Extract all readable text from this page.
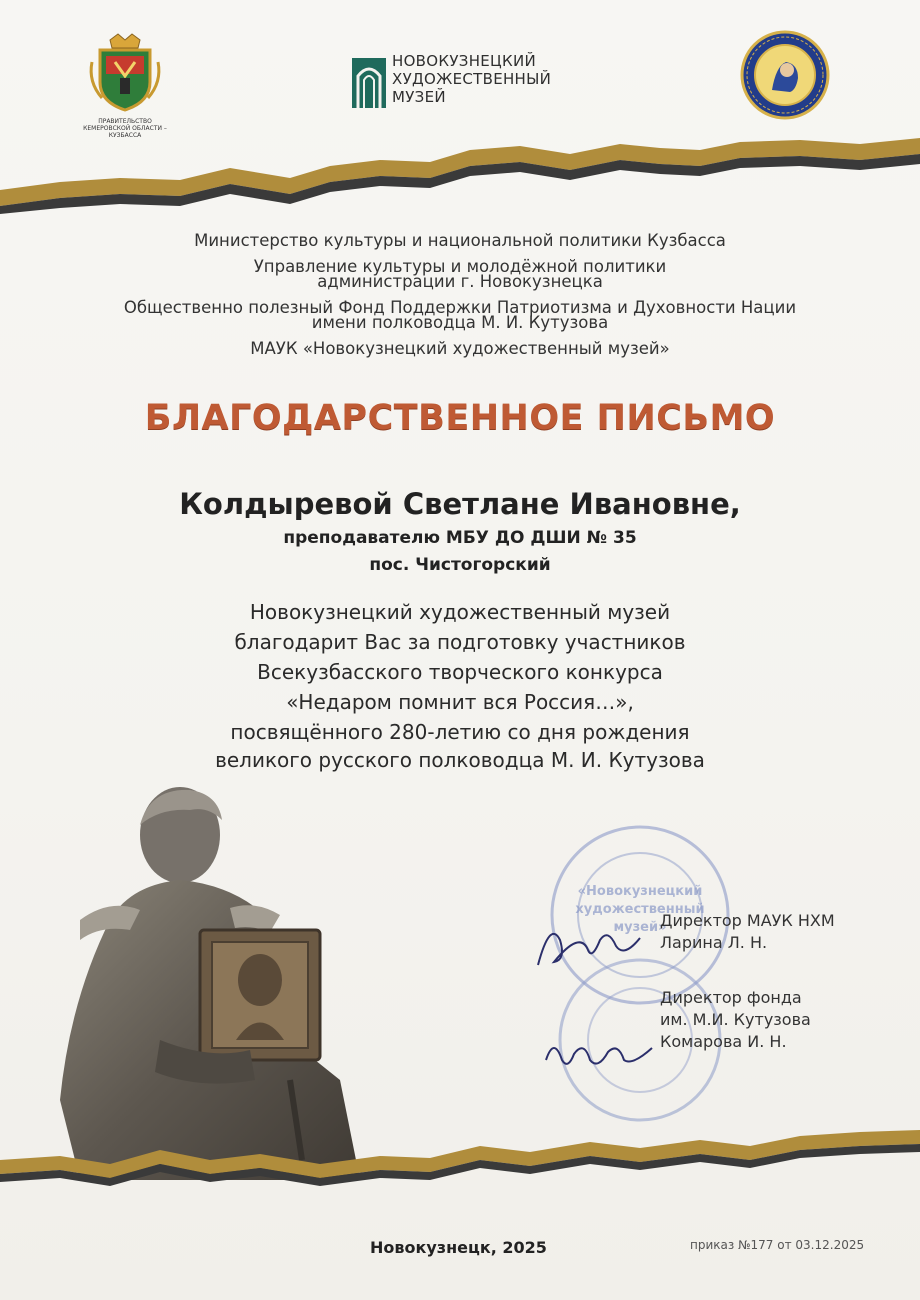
ПРАВИТЕЛЬСТВО КЕМЕРОВСКОЙ ОБЛАСТИ – КУЗБАССА
НОВОКУЗНЕЦКИЙ
ХУДОЖЕСТВЕННЫЙ
МУЗЕЙ
Министерство культуры и национальной политики Кузбасса
Управление культуры и молодёжной политики
администрации г. Новокузнецка
Общественно полезный Фонд Поддержки Патриотизма и Духовности Нации
имени полководца М. И. Кутузова
МАУК «Новокузнецкий художественный музей»
БЛАГОДАРСТВЕННОЕ ПИСЬМО
Колдыревой Светлане Ивановне,
преподавателю МБУ ДО ДШИ № 35
пос. Чистогорский
Новокузнецкий художественный музей
благодарит Вас за подготовку участников
Всекузбасского творческого конкурса
«Недаром помнит вся Россия…»,
посвящённого 280-летию со дня рождения
великого русского полководца М. И. Кутузова
«Новокузнецкий
художественный
музей»
Директор МАУК НХМ
Ларина Л. Н.
Директор фонда
им. М.И. Кутузова
Комарова И. Н.
Новокузнецк, 2025	приказ №177 от 03.12.2025
